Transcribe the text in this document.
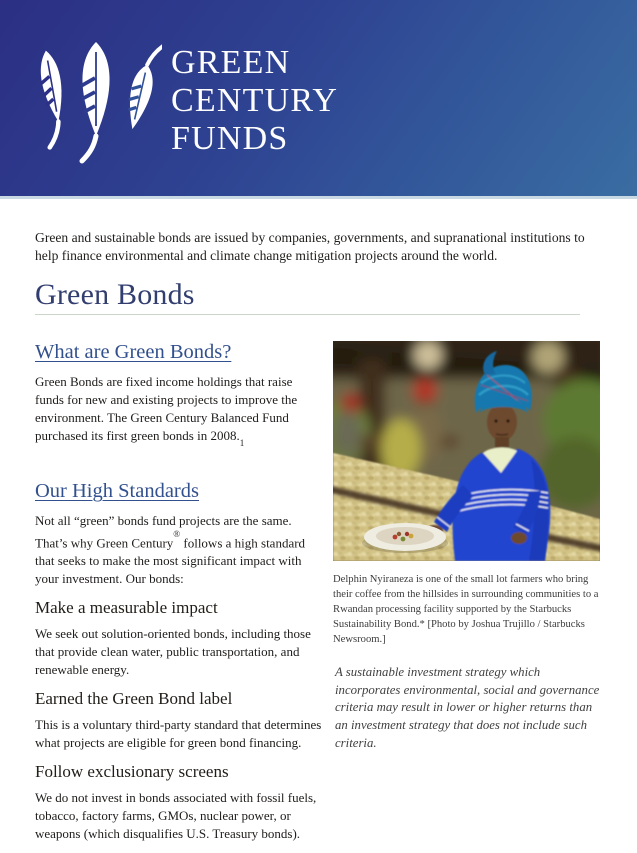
GREEN
CENTURY
FUNDS

Green and sustainable bonds are issued by companies, governments, and supranational institutions to help finance environmental and climate change mitigation projects around the world.

Green Bonds
What are Green Bonds?

Green Bonds are fixed income holdings that raise funds for new and existing projects to improve the environment. The Green Century Balanced Fund purchased its first green bonds in $2008._1$

Our High Standards

Not all “green” bonds fund projects are the same. That’s why Green Century® follows a high standard that seeks to make the most significant impact with your investment. Our bonds:

Make a measurable impact

We seek out solution-oriented bonds, including those that provide clean water, public transportation, and renewable energy.

Earned the Green Bond label

This is a voluntary third-party standard that determines what projects are eligible for green bond financing.

Follow exclusionary screens

We do not invest in bonds associated with fossil fuels, tobacco, factory farms, GMOs, nuclear power, or weapons (which disqualifies U.S. Treasury bonds).

Delphin Nyiraneza is one of the small lot farmers who bring their coffee from the hillsides in surrounding communities to a Rwandan processing facility supported by the Starbucks Sustainability Bond.* [Photo by Joshua Trujillo / Starbucks Newsroom.]

A sustainable investment strategy which incorporates environmental, social and governance criteria may result in lower or higher returns than an investment strategy that does not include such criteria.
